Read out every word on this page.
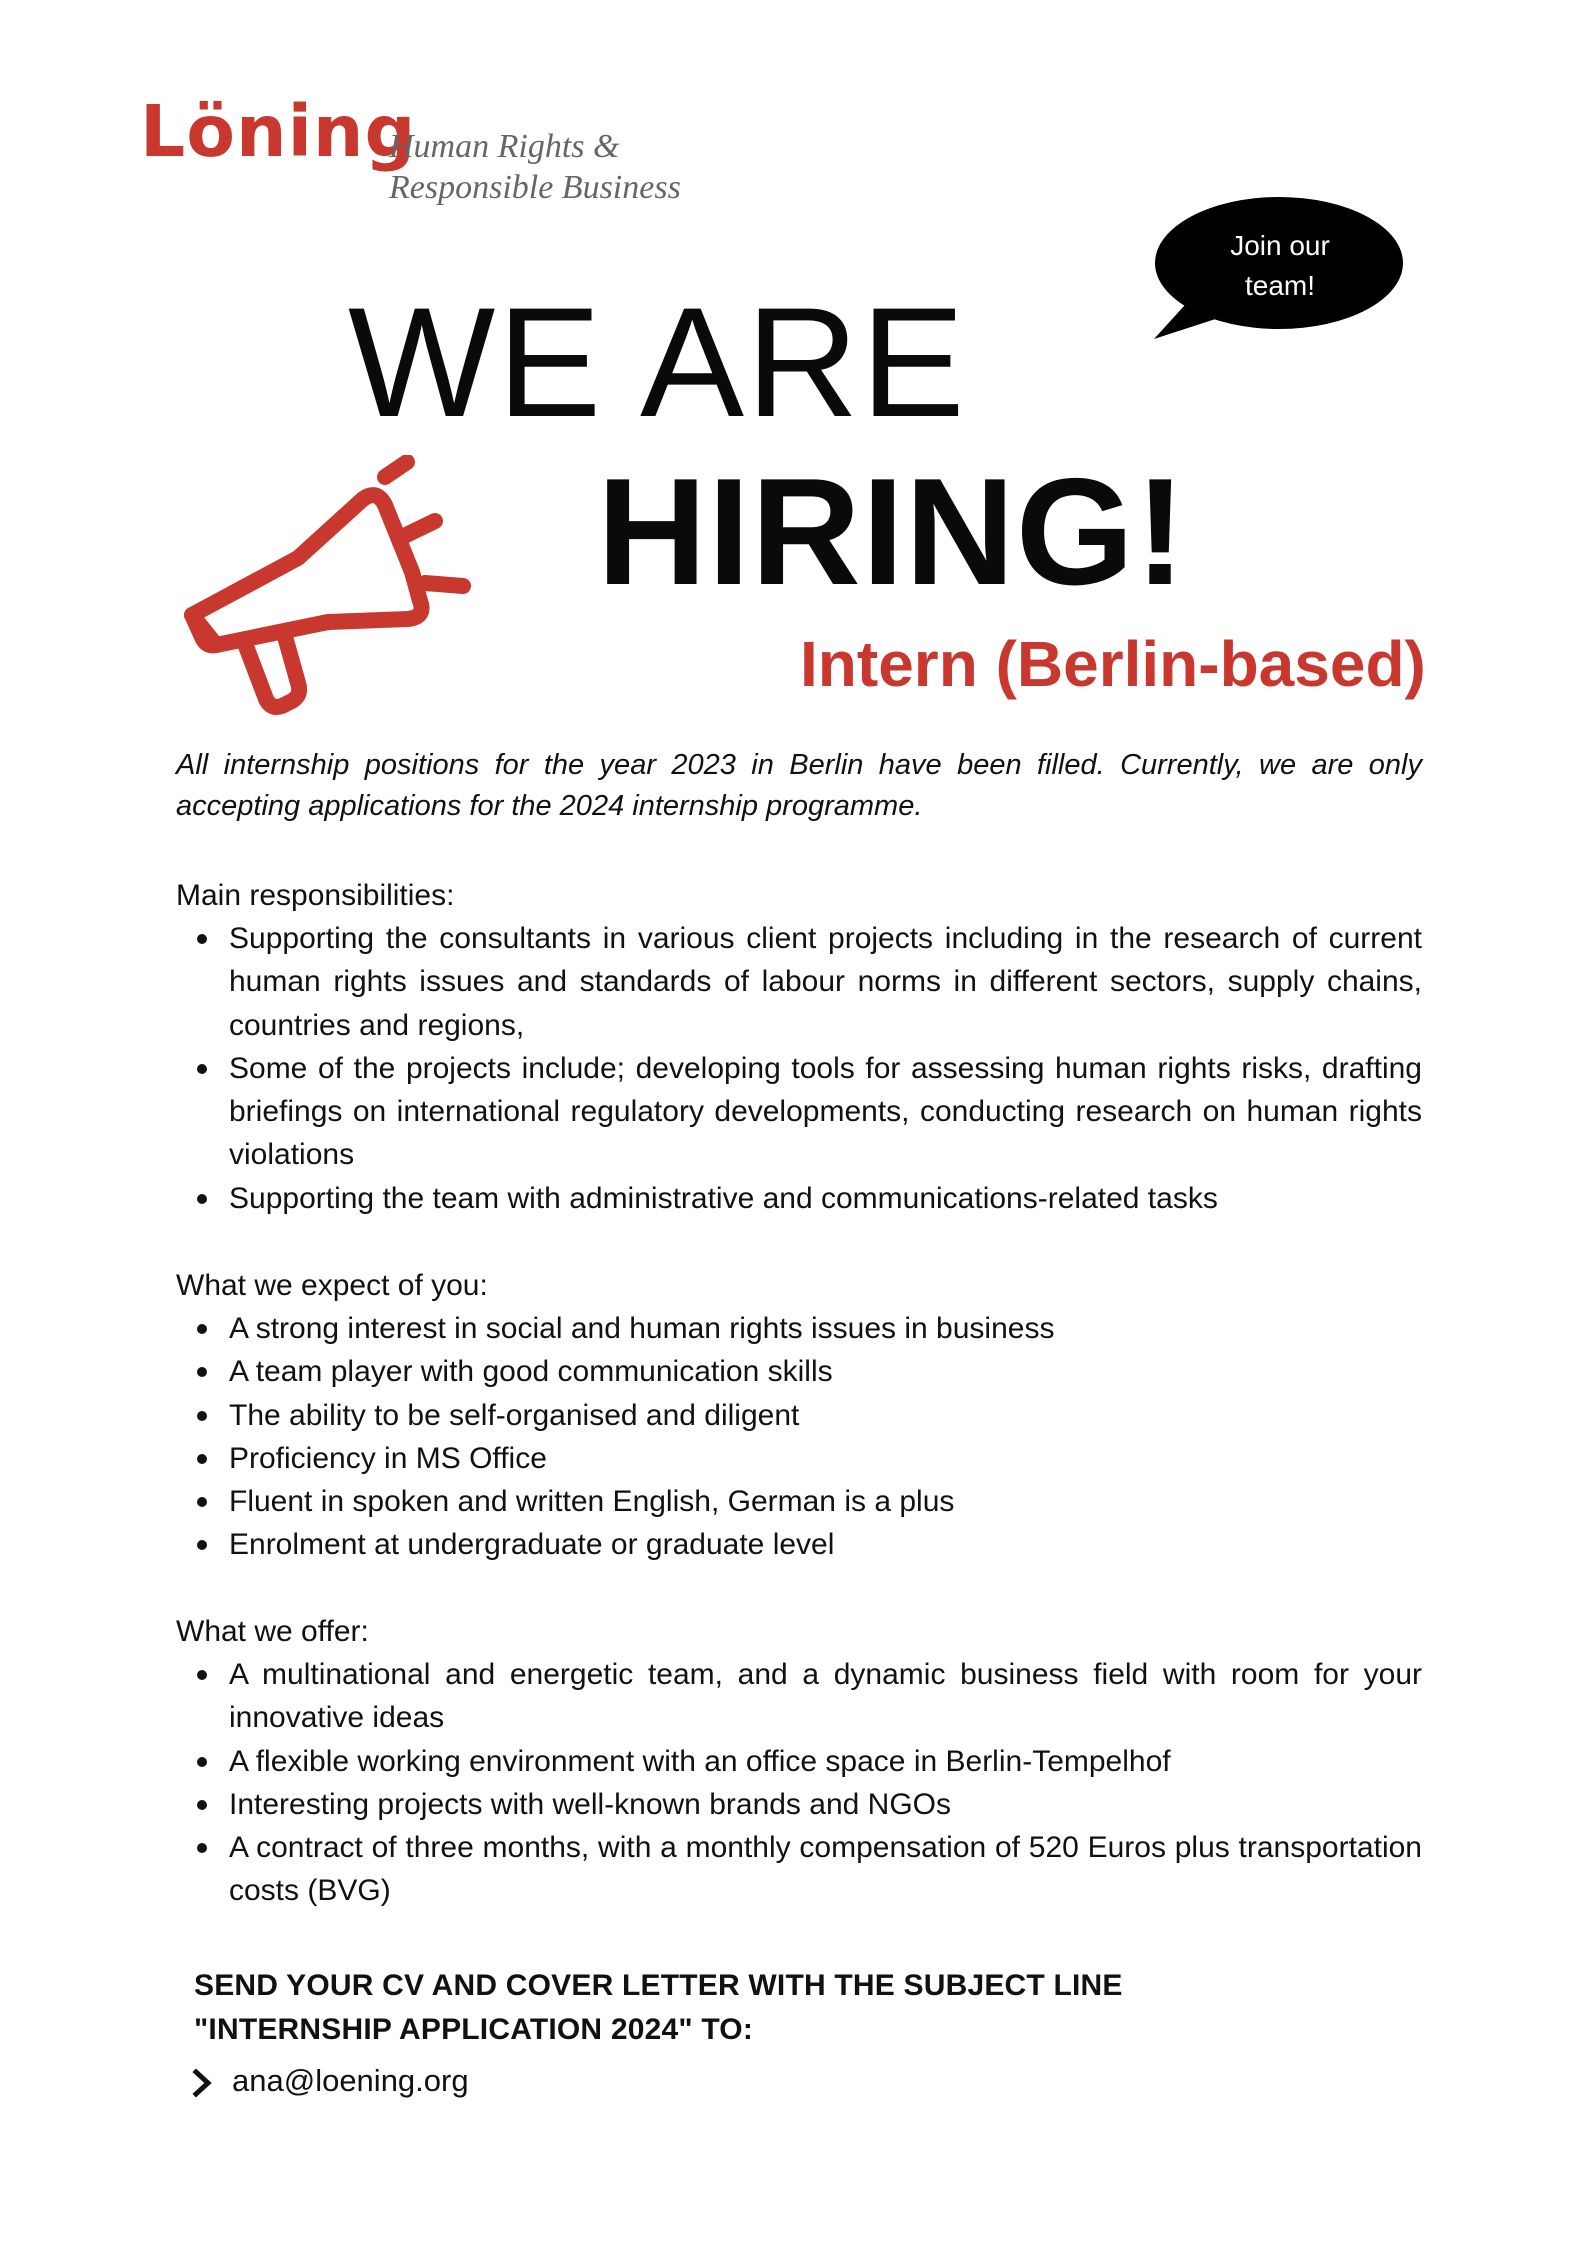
Löning
Human Rights &
Responsible Business
Join our
team!
WE ARE
HIRING!
Intern (Berlin-based)
All internship positions for the year 2023 in Berlin have been filled. Currently, we are only accepting applications for the 2024 internship programme.
Main responsibilities:
Supporting the consultants in various client projects including in the research of current human rights issues and standards of labour norms in different sectors, supply chains, countries and regions,
Some of the projects include; developing tools for assessing human rights risks, drafting briefings on international regulatory developments, conducting research on human rights violations
Supporting the team with administrative and communications-related tasks
What we expect of you:
A strong interest in social and human rights issues in business
A team player with good communication skills
The ability to be self-organised and diligent
Proficiency in MS Office
Fluent in spoken and written English, German is a plus
Enrolment at undergraduate or graduate level
What we offer:
A multinational and energetic team, and a dynamic business field with room for your innovative ideas
A flexible working environment with an office space in Berlin-Tempelhof
Interesting projects with well-known brands and NGOs
A contract of three months, with a monthly compensation of 520 Euros plus transportation costs (BVG)
SEND YOUR CV AND COVER LETTER WITH THE SUBJECT LINE
"INTERNSHIP APPLICATION 2024" TO:
ana@loening.org
